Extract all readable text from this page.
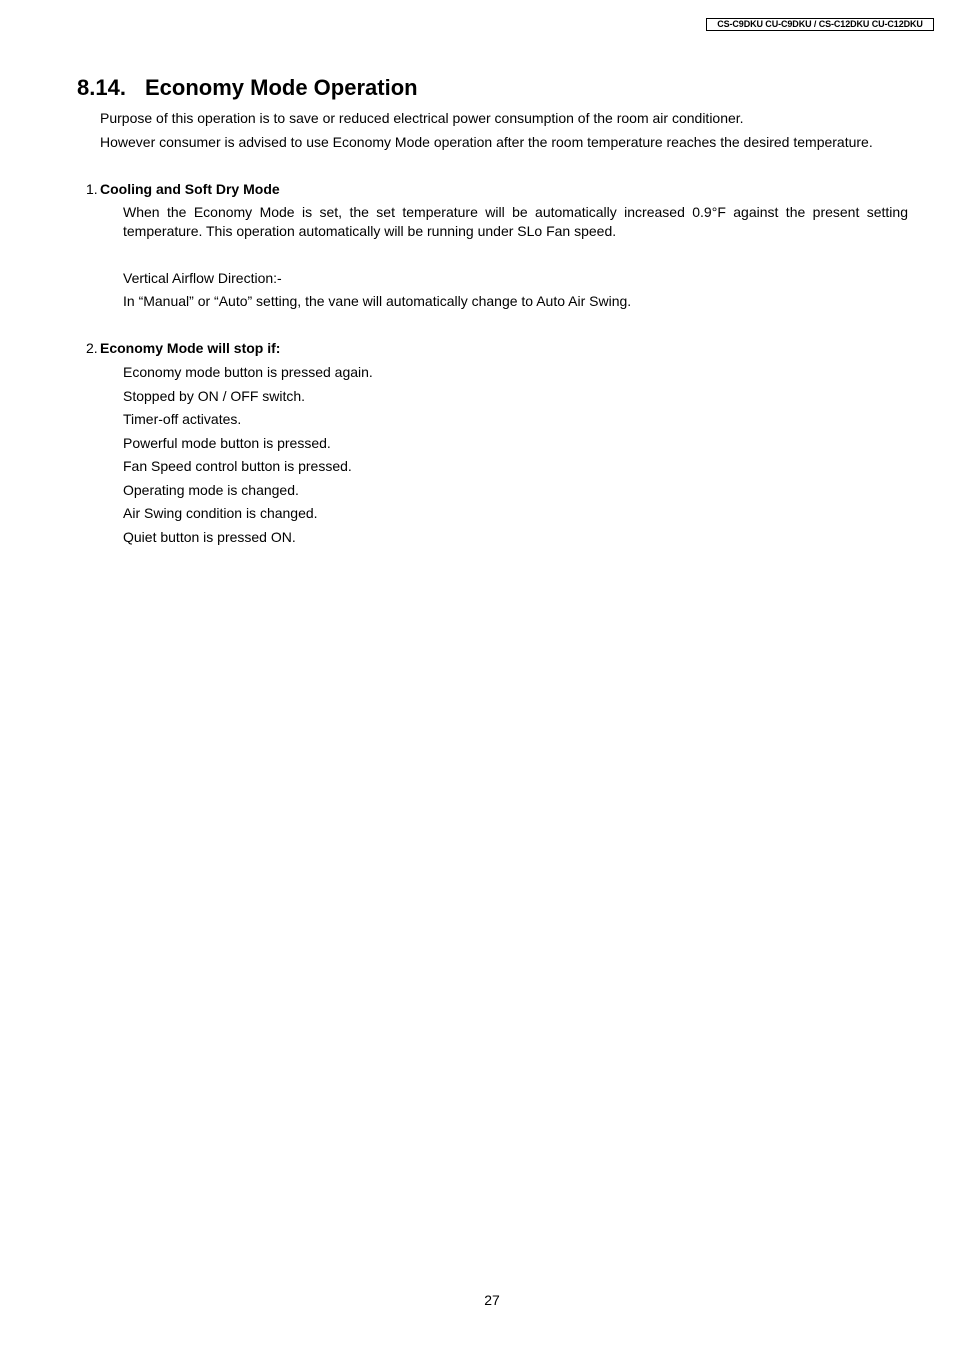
CS-C9DKU CU-C9DKU / CS-C12DKU CU-C12DKU
8.14. Economy Mode Operation

Purpose of this operation is to save or reduced electrical power consumption of the room air conditioner.

However consumer is advised to use Economy Mode operation after the room temperature reaches the desired temperature.

1. Cooling and Soft Dry Mode

When the Economy Mode is set, the set temperature will be automatically increased 0.9°F against the present setting temperature. This operation automatically will be running under SLo Fan speed.

Vertical Airflow Direction:-

In “Manual” or “Auto” setting, the vane will automatically change to Auto Air Swing.

2. Economy Mode will stop if:
Economy mode button is pressed again.
Stopped by ON / OFF switch.
Timer-off activates.
Powerful mode button is pressed.
Fan Speed control button is pressed.
Operating mode is changed.
Air Swing condition is changed.
Quiet button is pressed ON.
27
